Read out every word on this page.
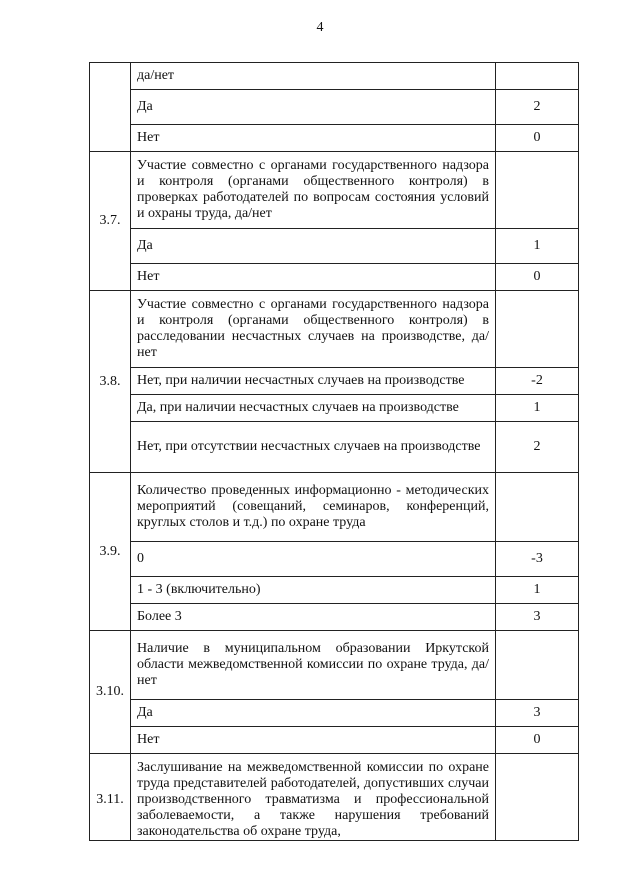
4
	да/нет	
	Да	2
	Нет	0
3.7.	Участие совместно с органами государственного надзора и контроля (органами общественного контроля) в проверках работодателей по вопросам состояния условий и охраны труда, да/нет	
	Да	1
	Нет	0
3.8.	Участие совместно с органами государственного надзора и контроля (органами общественного контроля) в расследовании несчастных случаев на производстве, да/нет	
	Нет, при наличии несчастных случаев на производстве	-2
	Да, при наличии несчастных случаев на производстве	1
	Нет, при отсутствии несчастных случаев на производстве	2
3.9.	Количество проведенных информационно - методических мероприятий (совещаний, семинаров, конференций, круглых столов и т.д.) по охране труда	
	0	-3
	1 - 3 (включительно)	1
	Более 3	3
3.10.	Наличие в муниципальном образовании Иркутской области межведомственной комиссии по охране труда, да/нет	
	Да	3
	Нет	0
3.11.	Заслушивание на межведомственной комиссии по охране труда представителей работодателей, допустивших случаи производственного травматизма и профессиональной заболеваемости, а также нарушения требований законодательства об охране труда,	
